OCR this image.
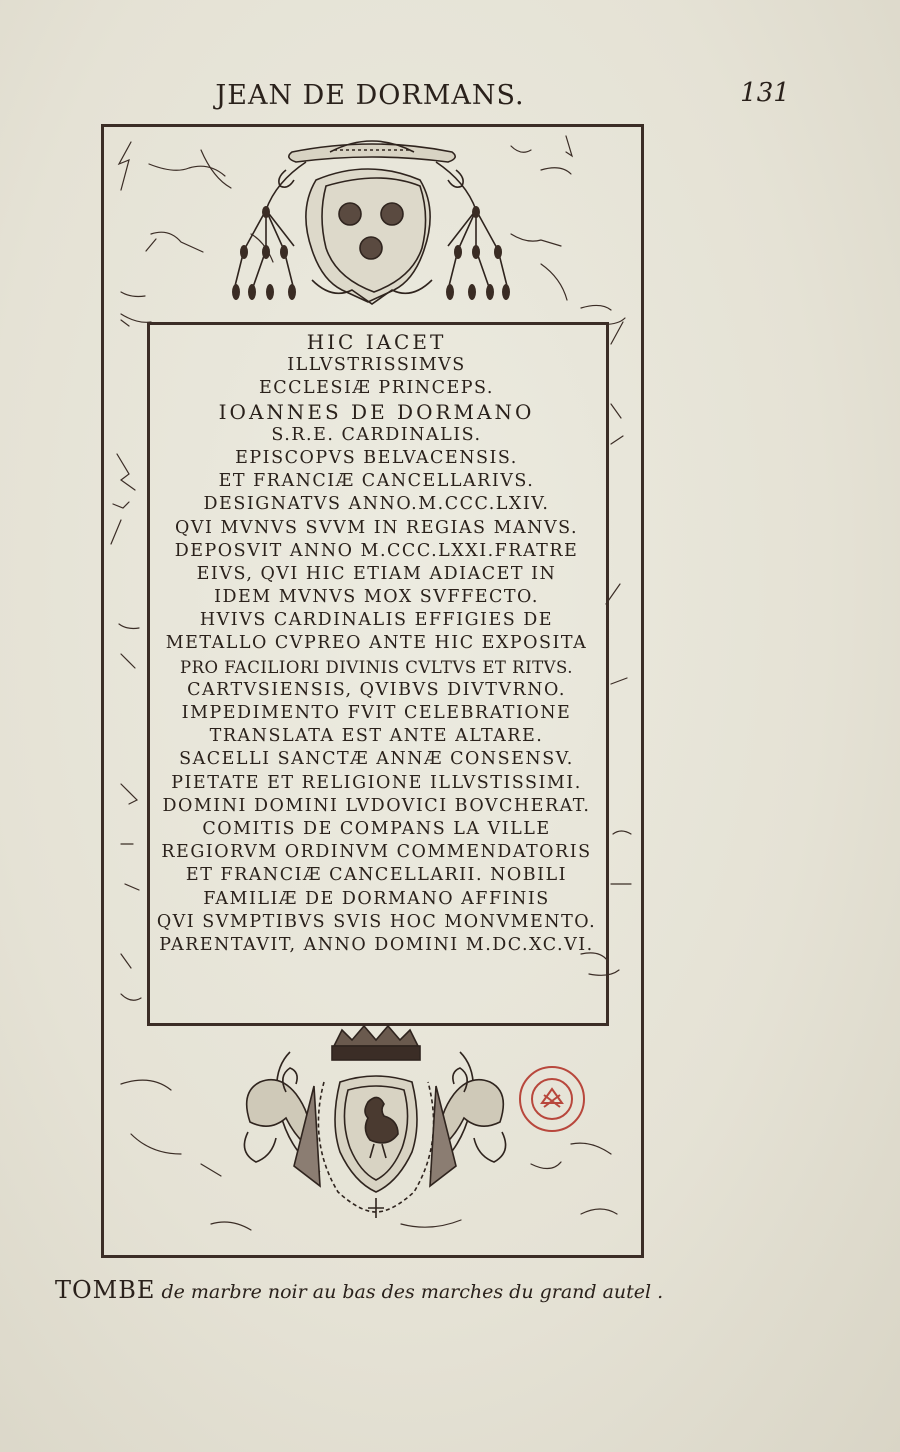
JEAN DE DORMANS.	131
HIC IACET
ILLVSTRISSIMVS
ECCLESIÆ PRINCEPS.
IOANNES DE DORMANO
S.R.E. CARDINALIS.
EPISCOPVS BELVACENSIS.
ET FRANCIÆ CANCELLARIVS.
DESIGNATVS ANNO.M.CCC.LXIV.
QVI MVNVS SVVM IN REGIAS MANVS.
DEPOSVIT ANNO M.CCC.LXXI.FRATRE
EIVS, QVI HIC ETIAM ADIACET IN
IDEM MVNVS MOX SVFFECTO.
HVIVS CARDINALIS EFFIGIES DE
METALLO CVPREO ANTE HIC EXPOSITA
PRO FACILIORI DIVINIS CVLTVS ET RITVS.
CARTVSIENSIS, QVIBVS DIVTVRNO.
IMPEDIMENTO FVIT CELEBRATIONE
TRANSLATA EST ANTE ALTARE.
SACELLI SANCTÆ ANNÆ CONSENSV.
PIETATE ET RELIGIONE ILLVSTISSIMI.
DOMINI DOMINI LVDOVICI BOVCHERAT.
COMITIS DE COMPANS LA VILLE
REGIORVM ORDINVM COMMENDATORIS
ET FRANCIÆ CANCELLARII. NOBILI
FAMILIÆ DE DORMANO AFFINIS
QVI SVMPTIBVS SVIS HOC MONVMENTO.
PARENTAVIT, ANNO DOMINI M.DC.XC.VI.
TOMBE de marbre noir au bas des marches du grand autel .
